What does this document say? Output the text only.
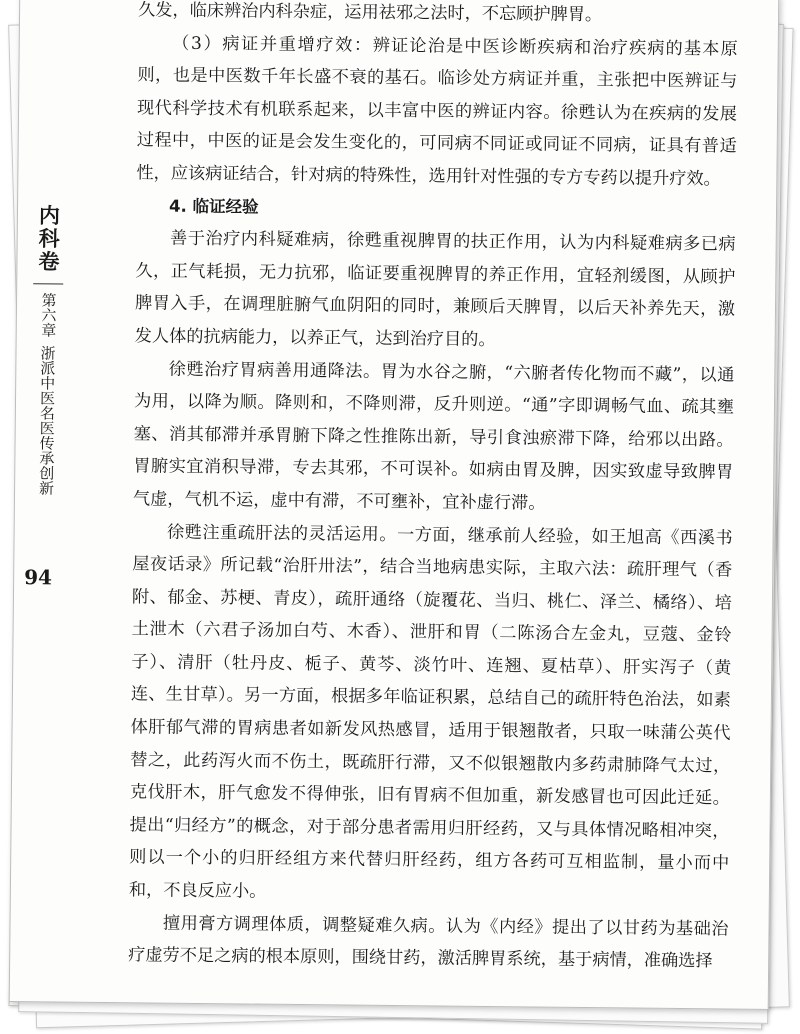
内科卷
第六章
浙派中医名医传承创新
94

久发，临床辨治内科杂症，运用祛邪之法时，不忘顾护脾胃。

（3）病证并重增疗效：辨证论治是中医诊断疾病和治疗疾病的基本原则，也是中医数千年长盛不衰的基石。临诊处方病证并重，主张把中医辨证与现代科学技术有机联系起来，以丰富中医的辨证内容。徐甦认为在疾病的发展过程中，中医的证是会发生变化的，可同病不同证或同证不同病，证具有普适性，应该病证结合，针对病的特殊性，选用针对性强的专方专药以提升疗效。

4. 临证经验

善于治疗内科疑难病，徐甦重视脾胃的扶正作用，认为内科疑难病多已病久，正气耗损，无力抗邪，临证要重视脾胃的养正作用，宜轻剂缓图，从顾护脾胃入手，在调理脏腑气血阴阳的同时，兼顾后天脾胃，以后天补养先天，激发人体的抗病能力，以养正气，达到治疗目的。

徐甦治疗胃病善用通降法。胃为水谷之腑，“六腑者传化物而不藏”，以通为用，以降为顺。降则和，不降则滞，反升则逆。“通”字即调畅气血、疏其壅塞、消其郁滞并承胃腑下降之性推陈出新，导引食浊瘀滞下降，给邪以出路。胃腑实宜消积导滞，专去其邪，不可误补。如病由胃及脾，因实致虚导致脾胃气虚，气机不运，虚中有滞，不可壅补，宜补虚行滞。

徐甦注重疏肝法的灵活运用。一方面，继承前人经验，如王旭高《西溪书屋夜话录》所记载“治肝卅法”，结合当地病患实际，主取六法：疏肝理气（香附、郁金、苏梗、青皮），疏肝通络（旋覆花、当归、桃仁、泽兰、橘络）、培土泄木（六君子汤加白芍、木香）、泄肝和胃（二陈汤合左金丸，豆蔻、金铃子）、清肝（牡丹皮、栀子、黄芩、淡竹叶、连翘、夏枯草）、肝实泻子（黄连、生甘草）。另一方面，根据多年临证积累，总结自己的疏肝特色治法，如素体肝郁气滞的胃病患者如新发风热感冒，适用于银翘散者，只取一味蒲公英代替之，此药泻火而不伤土，既疏肝行滞，又不似银翘散内多药肃肺降气太过，克伐肝木，肝气愈发不得伸张，旧有胃病不但加重，新发感冒也可因此迁延。提出“归经方”的概念，对于部分患者需用归肝经药，又与具体情况略相冲突，则以一个小的归肝经组方来代替归肝经药，组方各药可互相监制，量小而中和，不良反应小。

擅用膏方调理体质，调整疑难久病。认为《内经》提出了以甘药为基础治疗虚劳不足之病的根本原则，围绕甘药，激活脾胃系统，基于病情，准确选择
